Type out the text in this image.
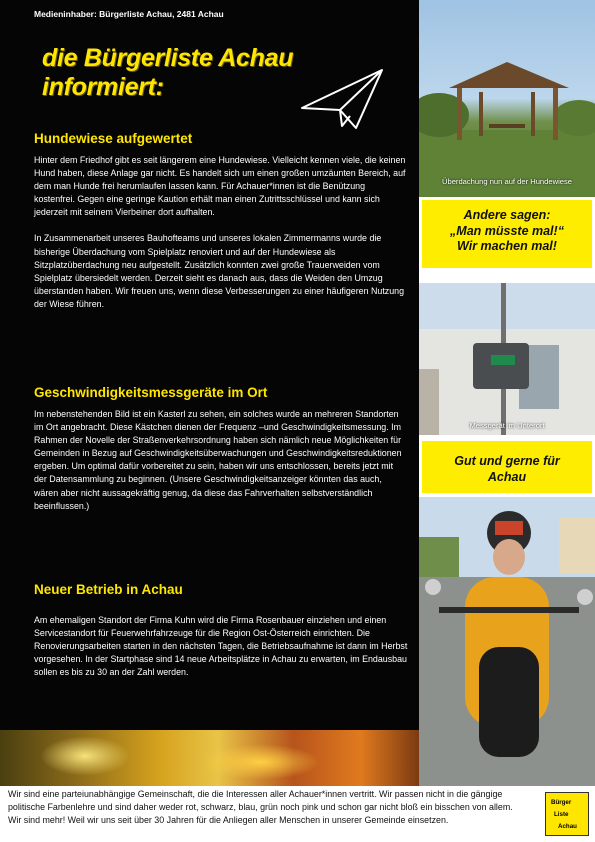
Medieninhaber: Bürgerliste Achau, 2481 Achau
die Bürgerliste Achau
informiert:
Hundewiese aufgewertet

Hinter dem Friedhof gibt es seit längerem eine Hundewiese. Vielleicht kennen viele, die keinen Hund haben, diese Anlage gar nicht. Es handelt sich um einen großen umzäunten Bereich, auf dem man Hunde frei herumlaufen lassen kann. Für Achauer*innen ist die Benützung kostenfrei. Gegen eine geringe Kaution erhält man einen Zutrittsschlüssel und kann sich jederzeit mit seinem Vierbeiner dort aufhalten.

In Zusammenarbeit unseres Bauhofteams und unseres lokalen Zimmermanns wurde die bisherige Überdachung vom Spielplatz renoviert und auf der Hundewiese als Sitzplatzüberdachung neu aufgestellt. Zusätzlich konnten zwei große Trauerweiden vom Spielplatz übersiedelt werden. Derzeit sieht es danach aus, dass die Weiden den Umzug überstanden haben. Wir freuen uns, wenn diese Verbesserungen zu einer häufigeren Nutzung der Wiese führen.

Geschwindigkeitsmessgeräte im Ort

Im nebenstehenden Bild ist ein Kasterl zu sehen, ein solches wurde an mehreren Standorten im Ort angebracht. Diese Kästchen dienen der Frequenz –und Geschwindigkeitsmessung. Im Rahmen der Novelle der Straßenverkehrsordnung haben sich nämlich neue Möglichkeiten für Gemeinden in Bezug auf Geschwindigkeitsüberwachungen und Geschwindigkeitsreduktionen ergeben. Um optimal dafür vorbereitet zu sein, haben wir uns entschlossen, bereits jetzt mit der Datensammlung zu beginnen. (Unsere Geschwindigkeitsanzeiger könnten das auch, wären aber nicht aussagekräftig genug, da diese das Fahrverhalten selbstverständlich beeinflussen.)

Neuer Betrieb in Achau

Am ehemaligen Standort der Firma Kuhn wird die Firma Rosenbauer einziehen und einen Servicestandort für Feuerwehrfahrzeuge für die Region Ost-Österreich einrichten. Die Renovierungsarbeiten starten in den nächsten Tagen, die Betriebsaufnahme ist dann im Herbst vorgesehen. In der Startphase sind 14 neue Arbeitsplätze in Achau zu erwarten, im Endausbau sollen es bis zu 30 an der Zahl werden.

Überdachung nun auf der Hundewiese
Andere sagen:
„Man müsste mal!“
Wir machen mal!
Messgerät im Unterort
Gut und gerne für
Achau
Wir sind eine parteiunabhängige Gemeinschaft, die die Interessen aller Achauer*innen vertritt. Wir passen nicht in die gängige politische Farbenlehre und sind daher weder rot, schwarz, blau, grün noch pink und schon gar nicht bloß ein bisschen von allem. Wir sind mehr! Weil wir uns seit über 30 Jahren für die Anliegen aller Menschen in unserer Gemeinde einsetzen.
Bürger
Liste
Achau
